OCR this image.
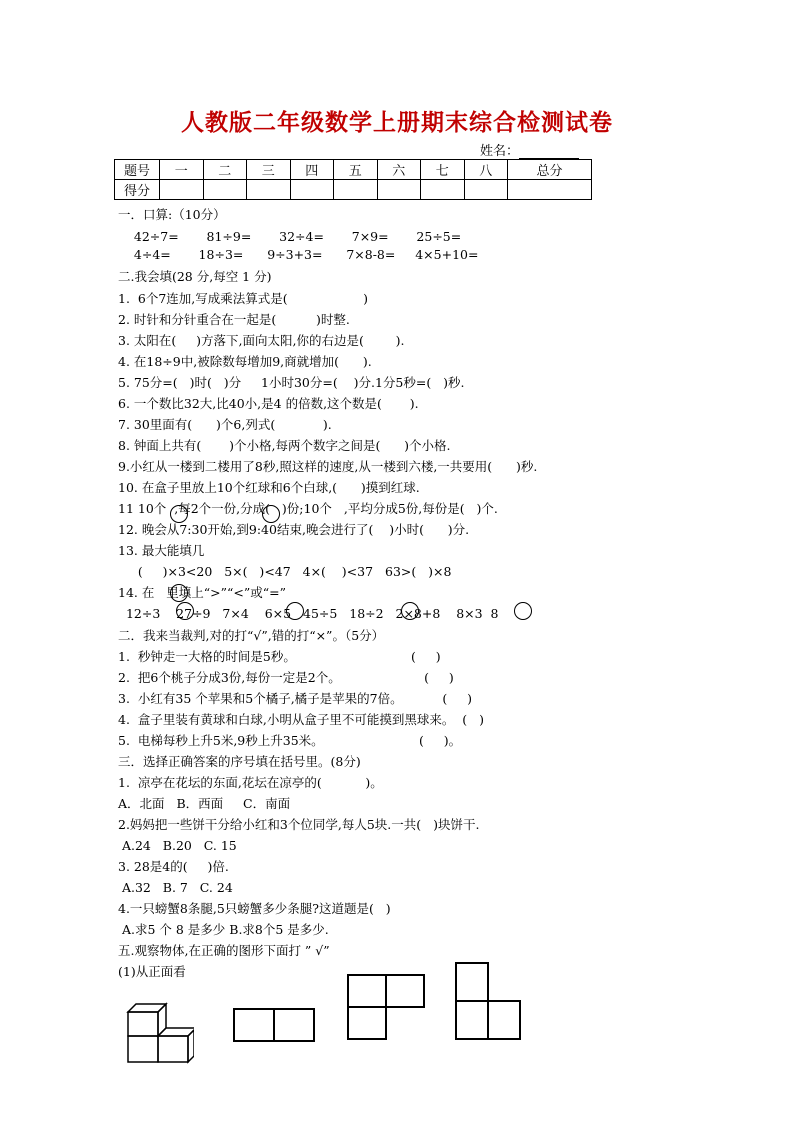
人教版二年级数学上册期末综合检测试卷
姓名：
题号	一	二	三	四	五	六	七	八	总分
得分									
一．口算:（10分）
42÷7=       81÷9=       32÷4=       7×9=       25÷5=
4÷4=       18÷3=      9÷3+3=      7×8-8=     4×5+10=
二.我会填(28 分,每空 1 分)
1.  6个7连加,写成乘法算式是(                   )
2. 时针和分针重合在一起是(          )时整.
3. 太阳在(     )方落下,面向太阳,你的右边是(        ).
4. 在18÷9中,被除数每增加9,商就增加(      ).
5. 75分=(   )时(   )分     1小时30分=(    )分.1分5秒=(   )秒.
6. 一个数比32大,比40小,是4 的倍数,这个数是(       ).
7. 30里面有(      )个6,列式(            ).
8. 钟面上共有(       )个小格,每两个数字之间是(      )个小格.
9.小红从一楼到二楼用了8秒,照这样的速度,从一楼到六楼,一共要用(      )秒.
10. 在盒子里放上10个红球和6个白球,(      )摸到红球.
11 10个  ,每2个一份,分成(   )份;10个   ,平均分成5份,每份是(   )个.
12. 晚会从7:30开始,到9:40结束,晚会进行了(    )小时(      )分.
13. 最大能填几
(     )×3<20   5×(   )<47   4×(    )<37   63>(   )×8
14. 在   里填上“>”“<”或“=”
12÷3    27÷9   7×4    6×5   45÷5   18÷2   2×8+8    8×3  8
二．我来当裁判,对的打“√”,错的打“×”。（5分）
1.  秒钟走一大格的时间是5秒。                             (     )
2.  把6个桃子分成3份,每份一定是2个。                     (     )
3.  小红有35 个苹果和5个橘子,橘子是苹果的7倍。          (     )
4.  盒子里装有黄球和白球,小明从盒子里不可能摸到黑球来。  (   )
5.  电梯每秒上升5米,9秒上升35米。                        (     )。
三．选择正确答案的序号填在括号里。(8分)
1.  凉亭在花坛的东面,花坛在凉亭的(           )。
A．北面   B．西面     C．南面
2.妈妈把一些饼干分给小红和3个位同学,每人5块.一共(   )块饼干.
A.24   B.20   C. 15
3. 28是4的(     )倍.
A.32   B. 7   C. 24
4.一只螃蟹8条腿,5只螃蟹多少条腿?这道题是(   )
A.求5 个 8 是多少 B.求8个5 是多少.
五.观察物体,在正确的图形下面打 ” √”
(1)从正面看
